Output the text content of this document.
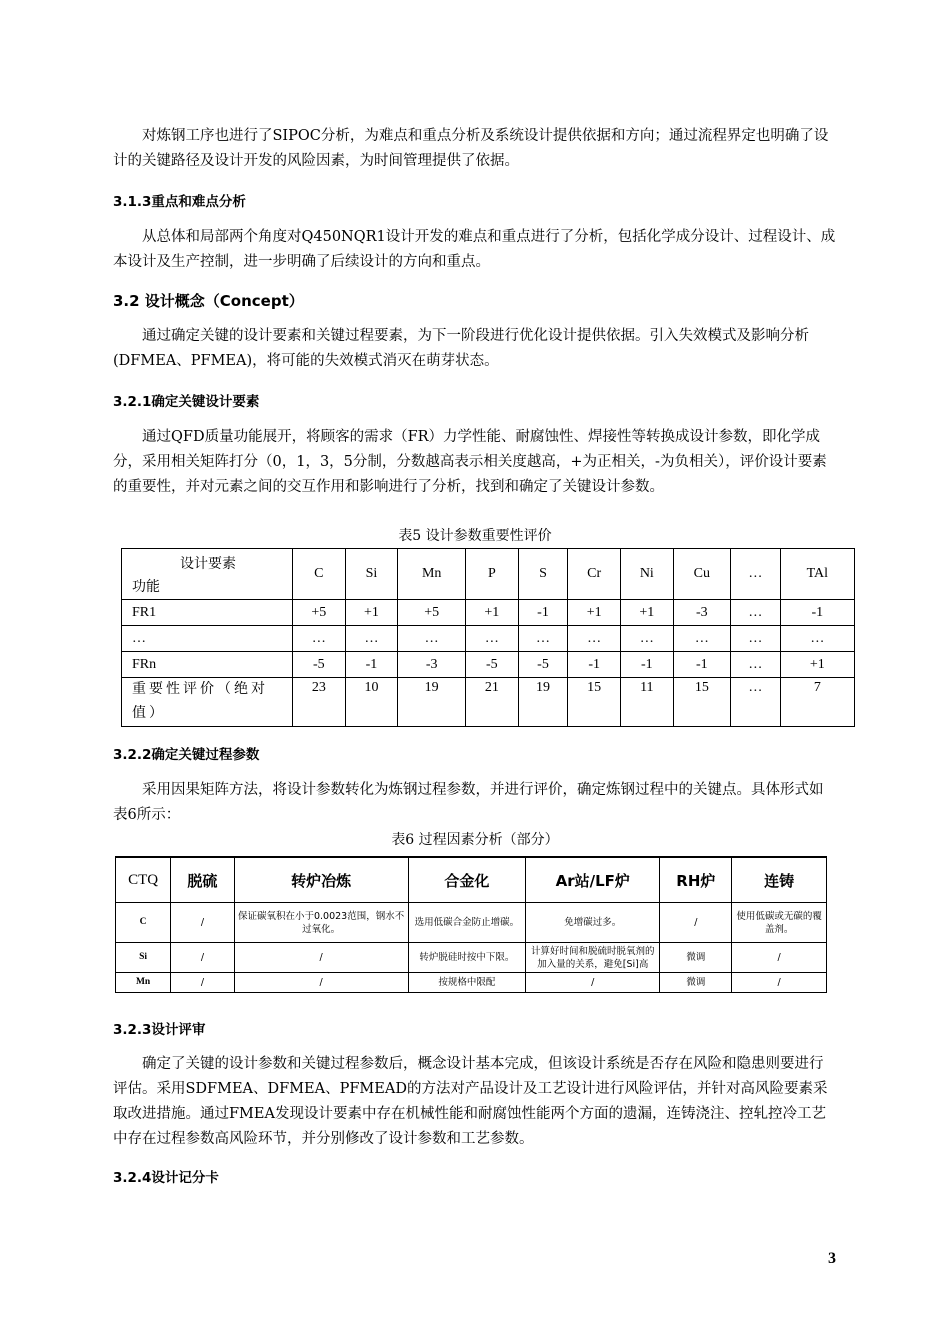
对炼钢工序也进行了SIPOC分析，为难点和重点分析及系统设计提供依据和方向；通过流程界定也明确了设计的关键路径及设计开发的风险因素，为时间管理提供了依据。

3.1.3重点和难点分析

从总体和局部两个角度对Q450NQR1设计开发的难点和重点进行了分析，包括化学成分设计、过程设计、成本设计及生产控制，进一步明确了后续设计的方向和重点。

3.2 设计概念（Concept）

通过确定关键的设计要素和关键过程要素，为下一阶段进行优化设计提供依据。引入失效模式及影响分析(DFMEA、PFMEA)，将可能的失效模式消灭在萌芽状态。

3.2.1确定关键设计要素

通过QFD质量功能展开，将顾客的需求（FR）力学性能、耐腐蚀性、焊接性等转换成设计参数，即化学成分，采用相关矩阵打分（0，1，3，5分制，分数越高表示相关度越高，+为正相关，-为负相关），评价设计要素的重要性，并对元素之间的交互作用和影响进行了分析，找到和确定了关键设计参数。

表5 设计参数重要性评价

设计要素
功能	C	Si	Mn	P	S	Cr	Ni	Cu	…	TAl
FR1	+5	+1	+5	+1	-1	+1	+1	-3	…	-1
…	…	…	…	…	…	…	…	…	…	…
FRn	-5	-1	-3	-5	-5	-1	-1	-1	…	+1
重要性评价（绝对值）	23	10	19	21	19	15	11	15	…	7

3.2.2确定关键过程参数

采用因果矩阵方法，将设计参数转化为炼钢过程参数，并进行评价，确定炼钢过程中的关键点。具体形式如表6所示：

表6 过程因素分析（部分）

CTQ	脱硫	转炉冶炼	合金化	Ar站/LF炉	RH炉	连铸
C	/	保证碳氧积在小于0.0023范围，钢水不过氧化。	选用低碳合金防止增碳。	免增碳过多。	/	使用低碳或无碳的覆盖剂。
Si	/	/	转炉脱硅时按中下限。	计算好时间和脱硫时脱氧剂的加入量的关系，避免[Si]高	微调	/
Mn	/	/	按规格中限配	/	微调	/

3.2.3设计评审

确定了关键的设计参数和关键过程参数后，概念设计基本完成，但该设计系统是否存在风险和隐患则要进行评估。采用SDFMEA、DFMEA、PFMEAD的方法对产品设计及工艺设计进行风险评估，并针对高风险要素采取改进措施。通过FMEA发现设计要素中存在机械性能和耐腐蚀性能两个方面的遗漏，连铸浇注、控轧控冷工艺中存在过程参数高风险环节，并分别修改了设计参数和工艺参数。

3.2.4设计记分卡

3
